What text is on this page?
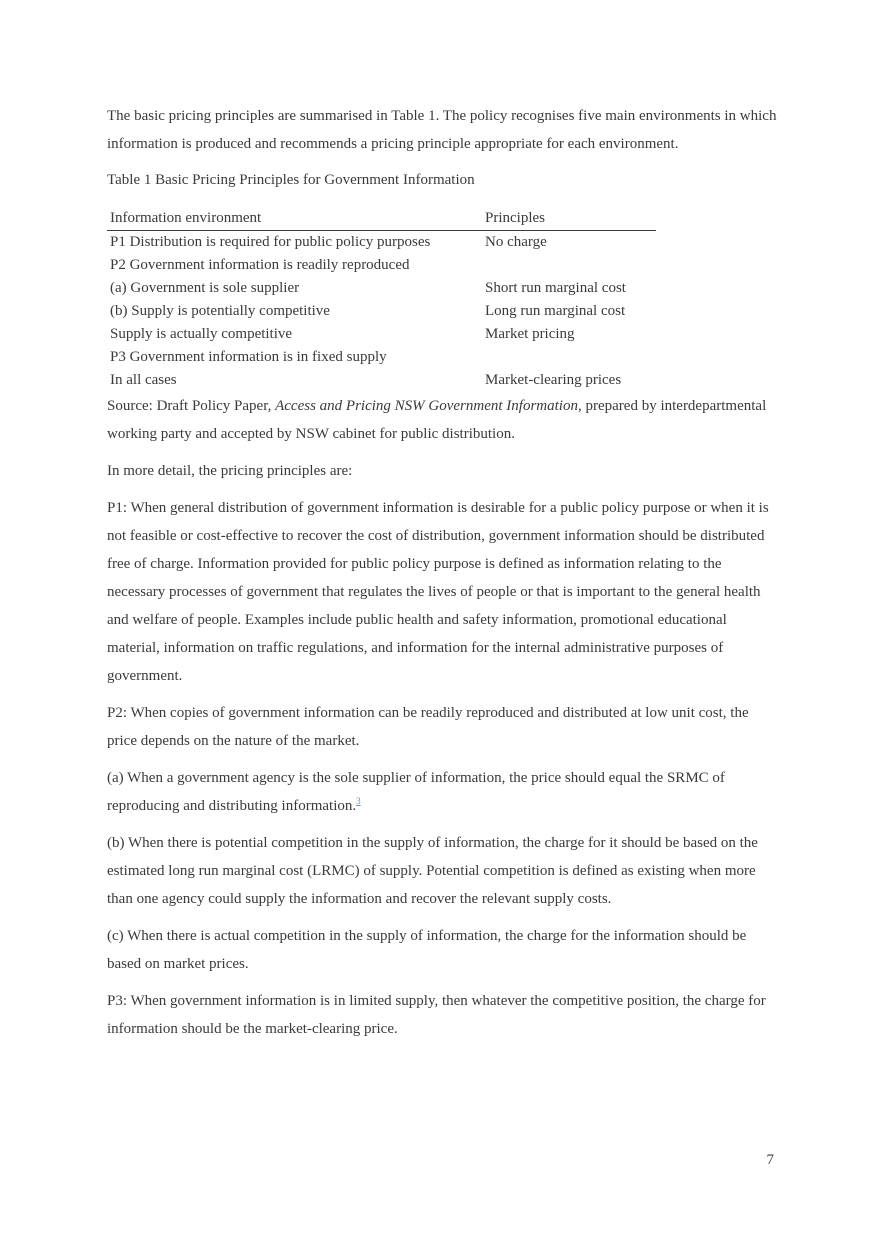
The basic pricing principles are summarised in Table 1. The policy recognises five main environments in which information is produced and recommends a pricing principle appropriate for each environment.

Table 1 Basic Pricing Principles for Government Information

Information environment	Principles
P1 Distribution is required for public policy purposes	No charge
P2 Government information is readily reproduced	
(a) Government is sole supplier	Short run marginal cost
(b) Supply is potentially competitive	Long run marginal cost
Supply is actually competitive	Market pricing
P3 Government information is in fixed supply	
In all cases	Market-clearing prices

Source: Draft Policy Paper, Access and Pricing NSW Government Information, prepared by interdepartmental working party and accepted by NSW cabinet for public distribution.

In more detail, the pricing principles are:

P1: When general distribution of government information is desirable for a public policy purpose or when it is not feasible or cost-effective to recover the cost of distribution, government information should be distributed free of charge. Information provided for public policy purpose is defined as information relating to the necessary processes of government that regulates the lives of people or that is important to the general health and welfare of people. Examples include public health and safety information, promotional educational material, information on traffic regulations, and information for the internal administrative purposes of government.

P2: When copies of government information can be readily reproduced and distributed at low unit cost, the price depends on the nature of the market.

(a) When a government agency is the sole supplier of information, the price should equal the SRMC of reproducing and distributing information.$^3$

(b) When there is potential competition in the supply of information, the charge for it should be based on the estimated long run marginal cost (LRMC) of supply. Potential competition is defined as existing when more than one agency could supply the information and recover the relevant supply costs.

(c) When there is actual competition in the supply of information, the charge for the information should be based on market prices.

P3: When government information is in limited supply, then whatever the competitive position, the charge for information should be the market-clearing price.

7
